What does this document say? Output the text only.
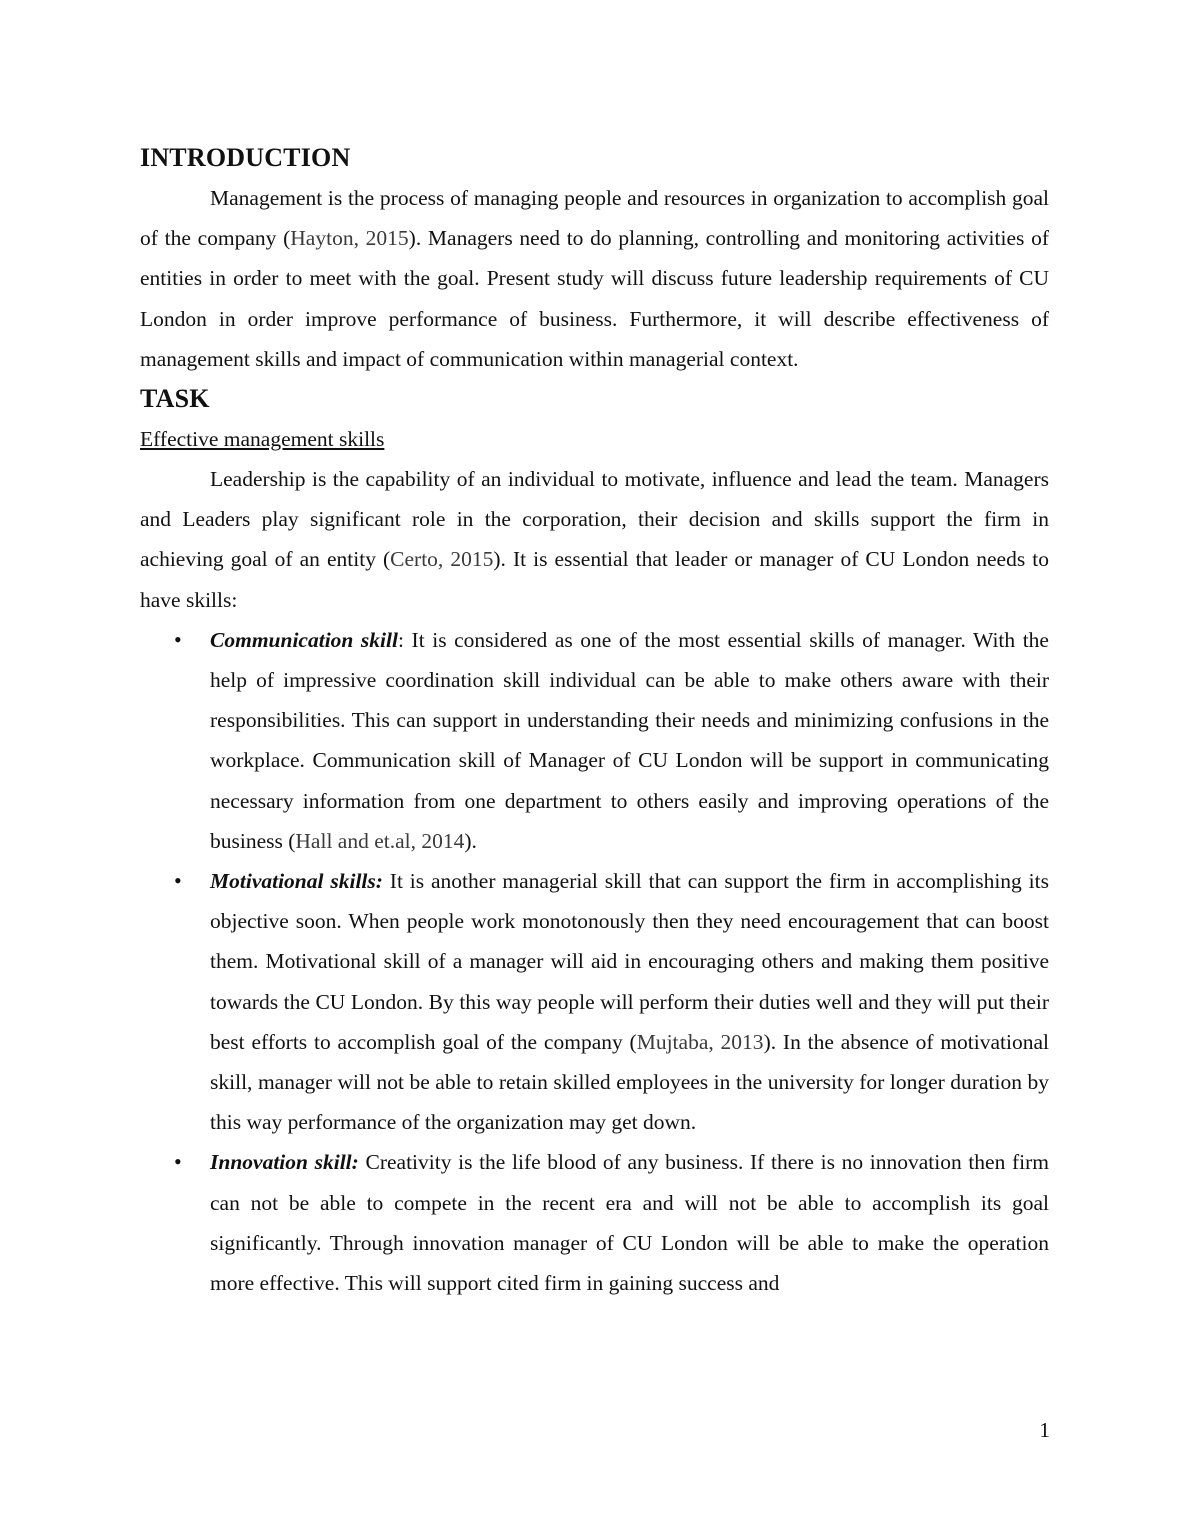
INTRODUCTION

Management is the process of managing people and resources in organization to accomplish goal of the company (Hayton, 2015). Managers need to do planning, controlling and monitoring activities of entities in order to meet with the goal. Present study will discuss future leadership requirements of CU London in order improve performance of business. Furthermore, it will describe effectiveness of management skills and impact of communication within managerial context.

TASK
Effective management skills

Leadership is the capability of an individual to motivate, influence and lead the team. Managers and Leaders play significant role in the corporation, their decision and skills support the firm in achieving goal of an entity (Certo, 2015). It is essential that leader or manager of CU London needs to have skills:

• Communication skill: It is considered as one of the most essential skills of manager. With the help of impressive coordination skill individual can be able to make others aware with their responsibilities. This can support in understanding their needs and minimizing confusions in the workplace. Communication skill of Manager of CU London will be support in communicating necessary information from one department to others easily and improving operations of the business (Hall and et.al, 2014).
• Motivational skills: It is another managerial skill that can support the firm in accomplishing its objective soon. When people work monotonously then they need encouragement that can boost them. Motivational skill of a manager will aid in encouraging others and making them positive towards the CU London. By this way people will perform their duties well and they will put their best efforts to accomplish goal of the company (Mujtaba, 2013). In the absence of motivational skill, manager will not be able to retain skilled employees in the university for longer duration by this way performance of the organization may get down.
• Innovation skill: Creativity is the life blood of any business. If there is no innovation then firm can not be able to compete in the recent era and will not be able to accomplish its goal significantly. Through innovation manager of CU London will be able to make the operation more effective. This will support cited firm in gaining success and
1
